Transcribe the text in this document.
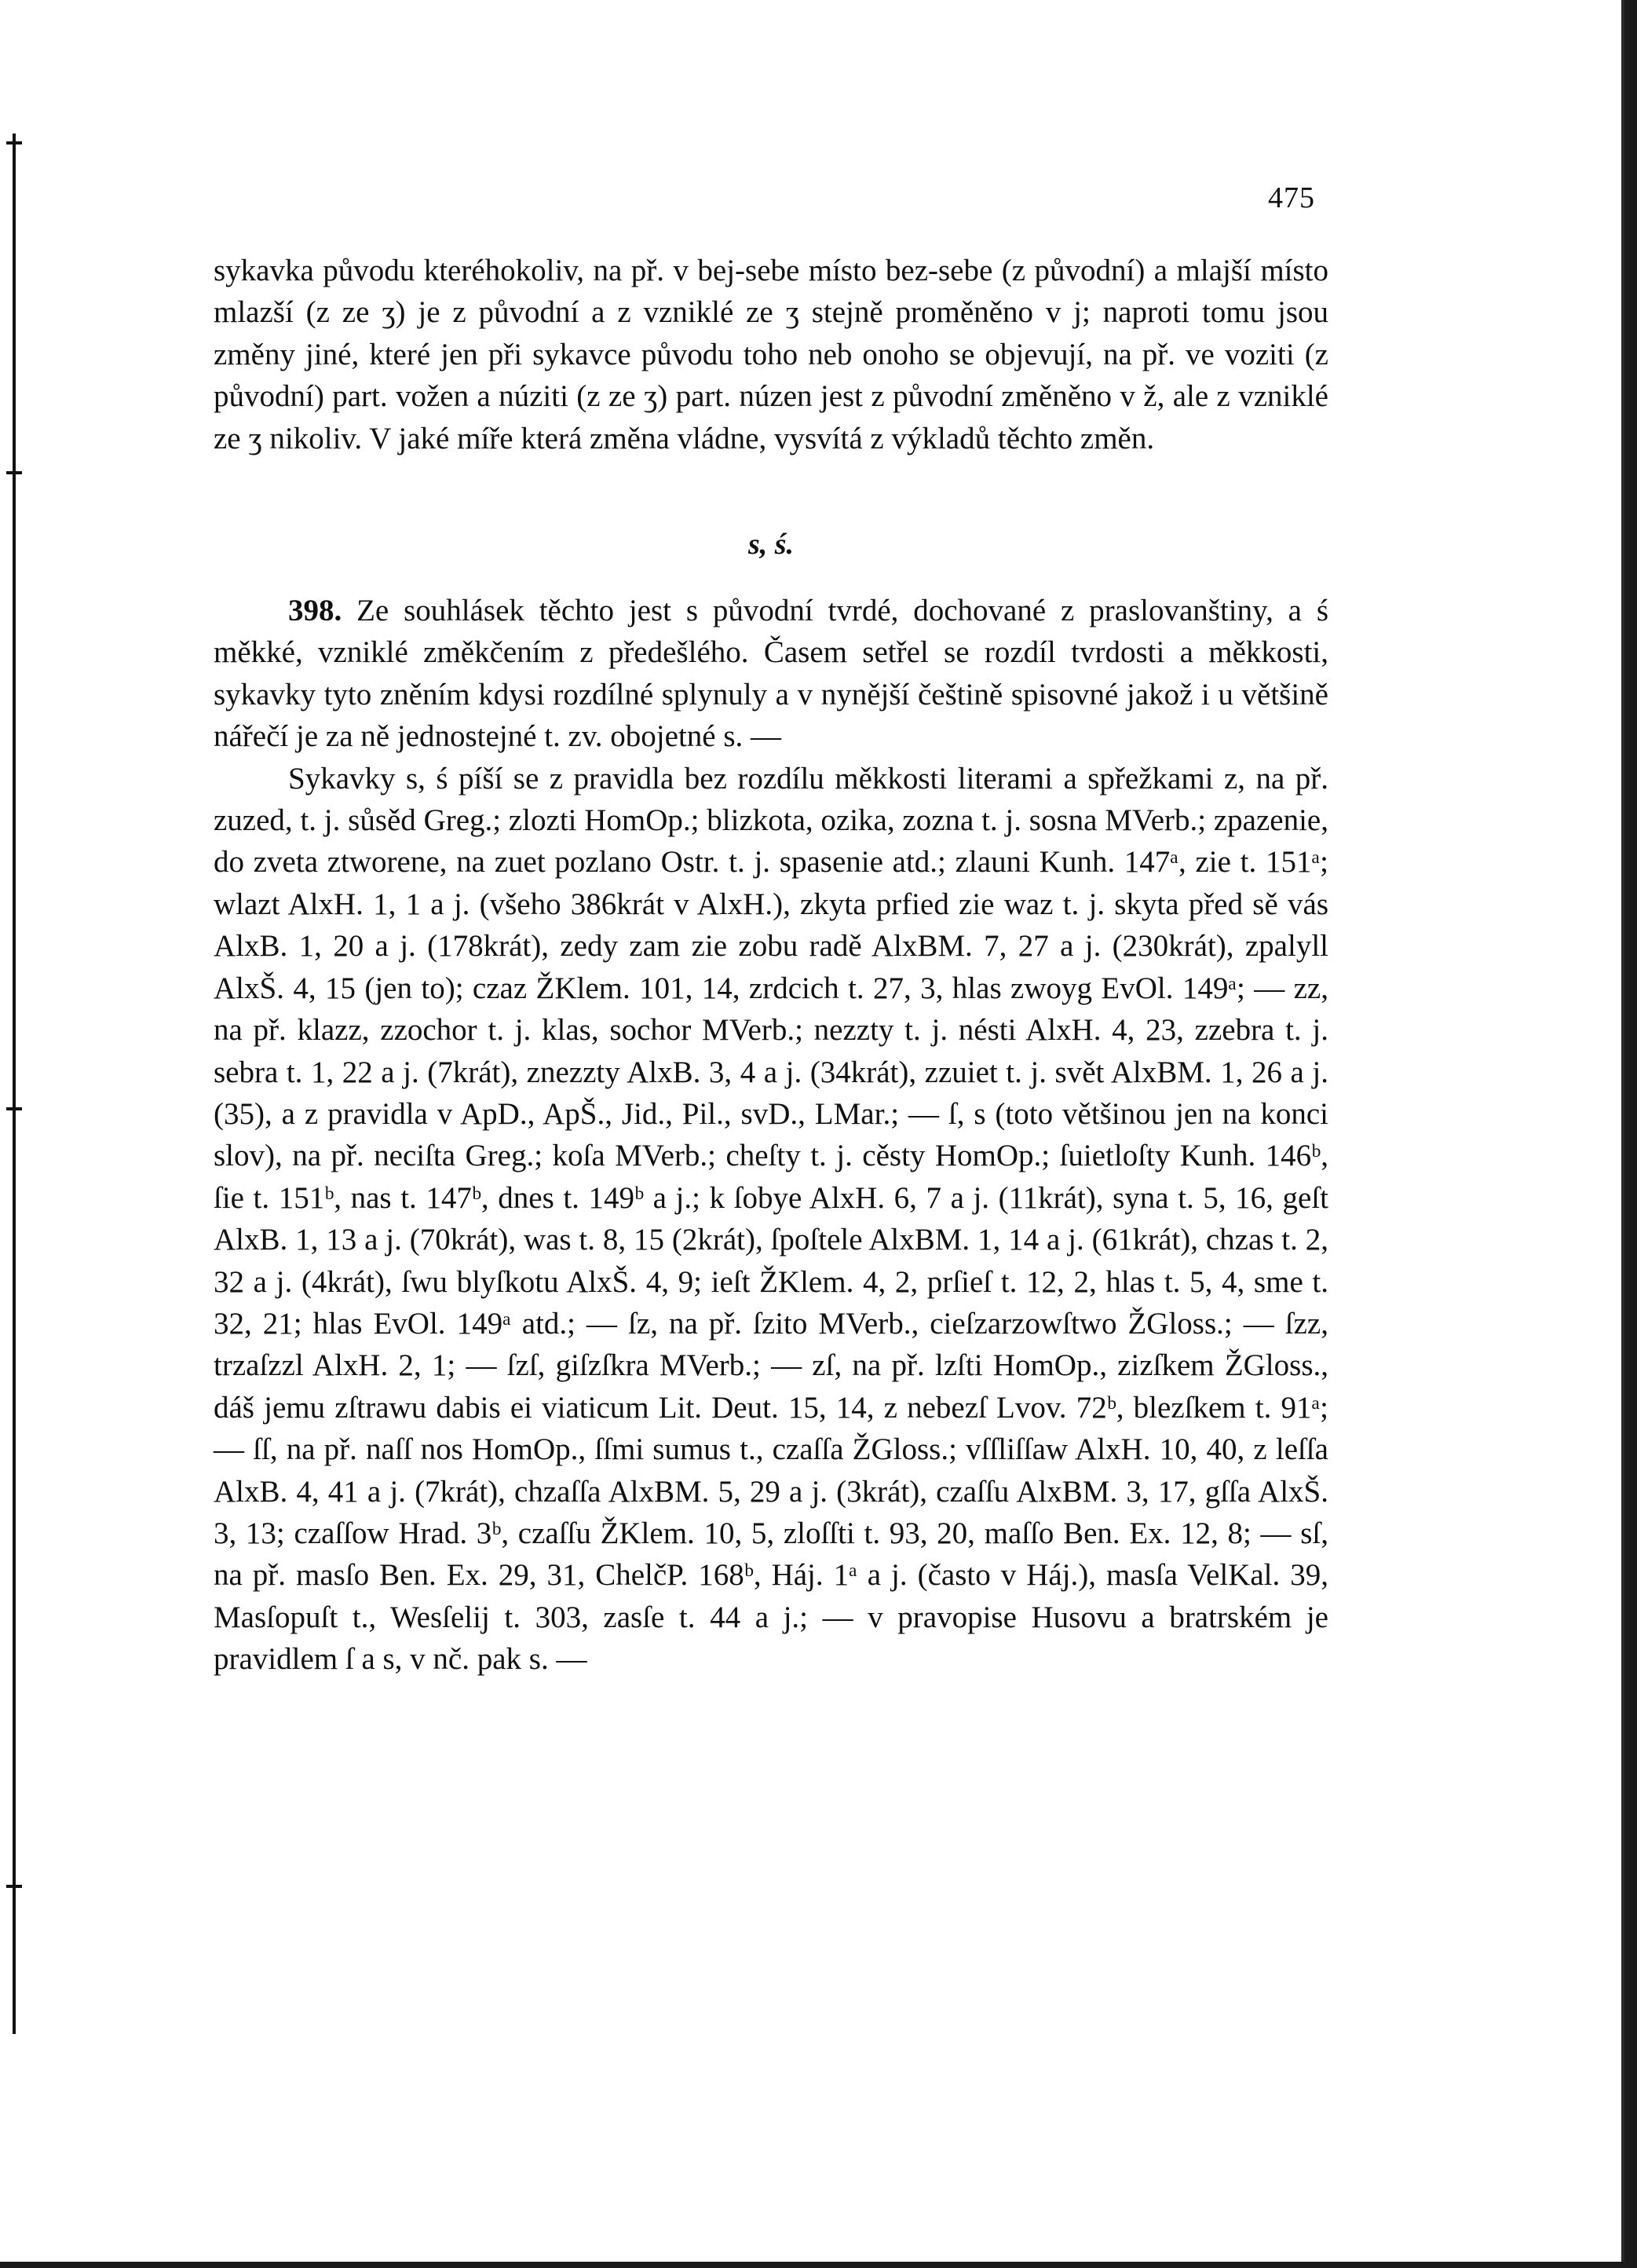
475

sykavka původu kteréhokoliv, na př. v bej-sebe místo bez-sebe (z původní) a mlajší místo mlazší (z ze ʒ) je z původní a z vzniklé ze ʒ stejně proměněno v j; naproti tomu jsou změny jiné, které jen při sykavce původu toho neb onoho se objevují, na př. ve voziti (z původní) part. vožen a núziti (z ze ʒ) part. núzen jest z původní změněno v ž, ale z vzniklé ze ʒ nikoliv. V jaké míře která změna vládne, vysvítá z výkladů těchto změn.

s, ś.

398. Ze souhlásek těchto jest s původní tvrdé, dochované z praslovanštiny, a ś měkké, vzniklé změkčením z předešlého. Časem setřel se rozdíl tvrdosti a měkkosti, sykavky tyto zněním kdysi rozdílné splynuly a v nynější češtině spisovné jakož i u většině nářečí je za ně jednostejné t. zv. obojetné s. —

Sykavky s, ś píší se z pravidla bez rozdílu měkkosti literami a spřežkami z, na př. zuzed, t. j. sůsěd Greg.; zlozti HomOp.; blizkota, ozika, zozna t. j. sosna MVerb.; zpazenie, do zveta ztworene, na zuet pozlano Ostr. t. j. spasenie atd.; zlauni Kunh. 147ᵃ, zie t. 151ᵃ; wlazt AlxH. 1, 1 a j. (všeho 386krát v AlxH.), zkyta prfied zie waz t. j. skyta před sě vás AlxB. 1, 20 a j. (178krát), zedy zam zie zobu radě AlxBM. 7, 27 a j. (230krát), zpalyll AlxŠ. 4, 15 (jen to); czaz ŽKlem. 101, 14, zrdcich t. 27, 3, hlas zwoyg EvOl. 149ᵃ; — zz, na př. klazz, zzochor t. j. klas, sochor MVerb.; nezzty t. j. nésti AlxH. 4, 23, zzebra t. j. sebra t. 1, 22 a j. (7krát), znezzty AlxB. 3, 4 a j. (34krát), zzuiet t. j. svět AlxBM. 1, 26 a j. (35), a z pravidla v ApD., ApŠ., Jid., Pil., svD., LMar.; — ſ, s (toto většinou jen na konci slov), na př. neciſta Greg.; koſa MVerb.; cheſty t. j. cěsty HomOp.; ſuietloſty Kunh. 146ᵇ, ſie t. 151ᵇ, nas t. 147ᵇ, dnes t. 149ᵇ a j.; k ſobye AlxH. 6, 7 a j. (11krát), syna t. 5, 16, geſt AlxB. 1, 13 a j. (70krát), was t. 8, 15 (2krát), ſpoſtele AlxBM. 1, 14 a j. (61krát), chzas t. 2, 32 a j. (4krát), ſwu blyſkotu AlxŠ. 4, 9; ieſt ŽKlem. 4, 2, prſieſ t. 12, 2, hlas t. 5, 4, sme t. 32, 21; hlas EvOl. 149ᵃ atd.; — ſz, na př. ſzito MVerb., cieſzarzowſtwo ŽGloss.; — ſzz, trzaſzzl AlxH. 2, 1; — ſzſ, giſzſkra MVerb.; — zſ, na př. lzſti HomOp., zizſkem ŽGloss., dáš jemu zſtrawu dabis ei viaticum Lit. Deut. 15, 14, z nebezſ Lvov. 72ᵇ, blezſkem t. 91ᵃ; — ſſ, na př. naſſ nos HomOp., ſſmi sumus t., czaſſa ŽGloss.; vſſliſſaw AlxH. 10, 40, z leſſa AlxB. 4, 41 a j. (7krát), chzaſſa AlxBM. 5, 29 a j. (3krát), czaſſu AlxBM. 3, 17, gſſa AlxŠ. 3, 13; czaſſow Hrad. 3ᵇ, czaſſu ŽKlem. 10, 5, zloſſti t. 93, 20, maſſo Ben. Ex. 12, 8; — sſ, na př. masſo Ben. Ex. 29, 31, ChelčP. 168ᵇ, Háj. 1ᵃ a j. (často v Háj.), masſa VelKal. 39, Masſopuſt t., Wesſelij t. 303, zasſe t. 44 a j.; — v pravopise Husovu a bratrském je pravidlem ſ a s, v nč. pak s. —
